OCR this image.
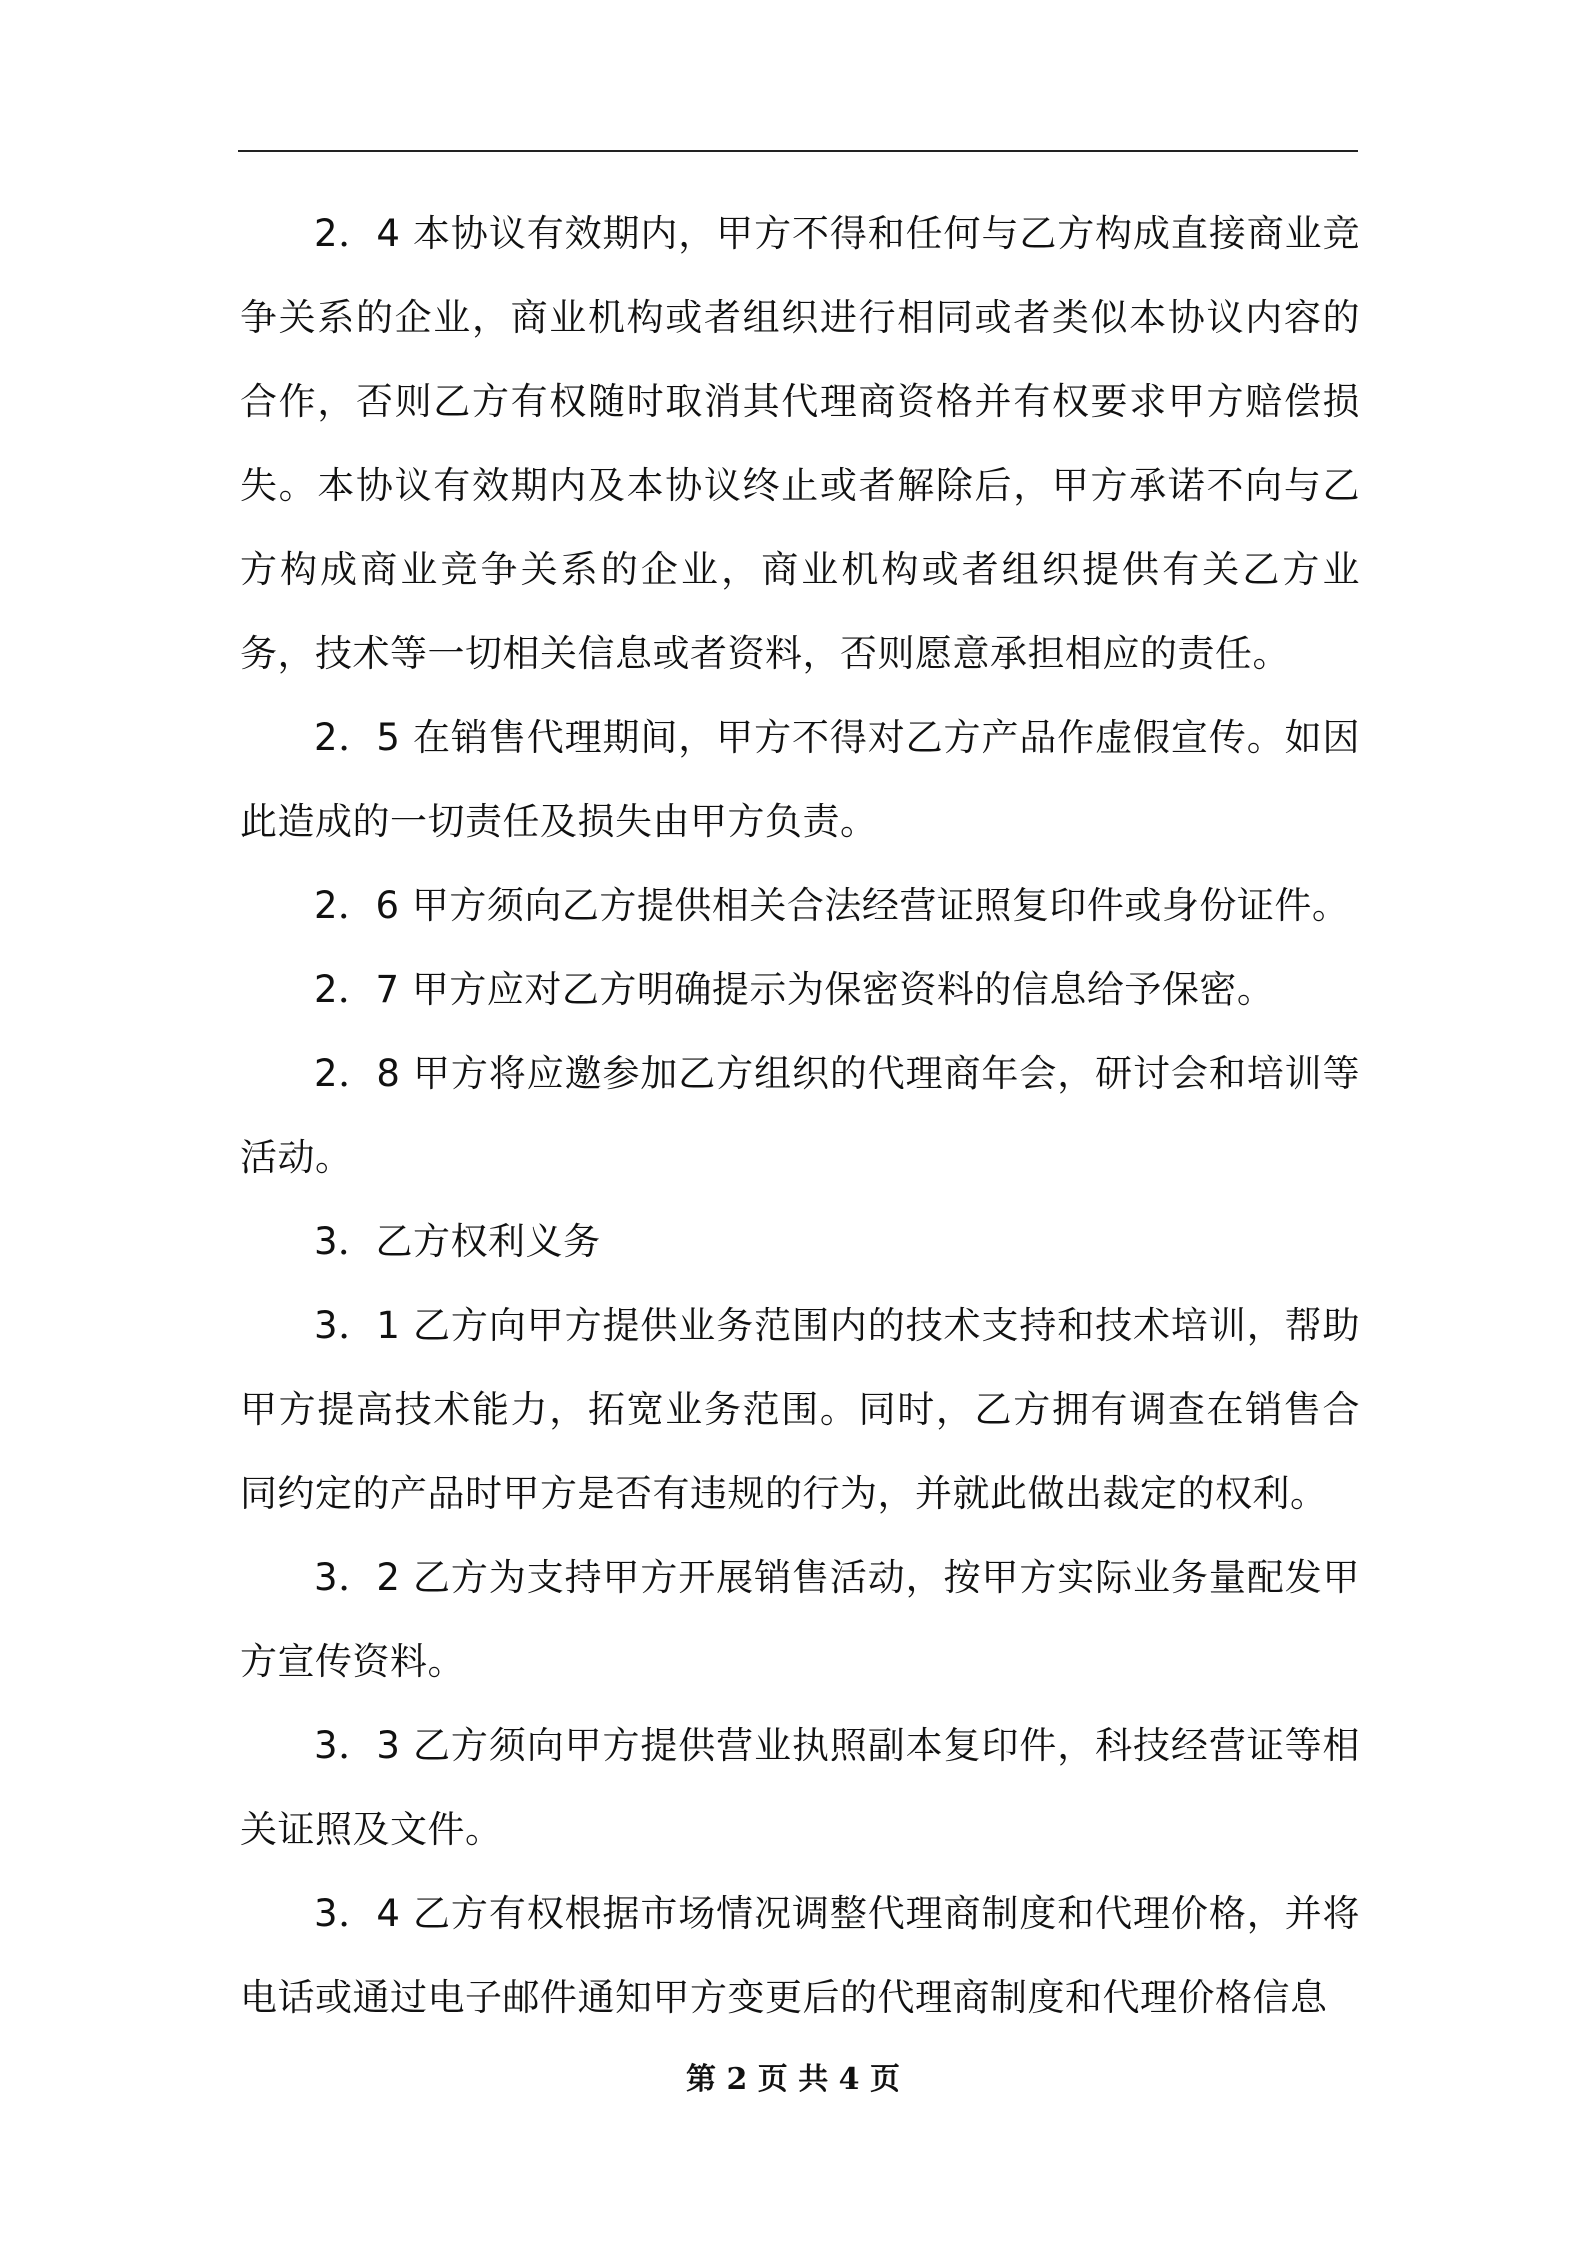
2．4 本协议有效期内，甲方不得和任何与乙方构成直接商业竞争关系的企业，商业机构或者组织进行相同或者类似本协议内容的合作，否则乙方有权随时取消其代理商资格并有权要求甲方赔偿损失。本协议有效期内及本协议终止或者解除后，甲方承诺不向与乙方构成商业竞争关系的企业，商业机构或者组织提供有关乙方业务，技术等一切相关信息或者资料，否则愿意承担相应的责任。

2．5 在销售代理期间，甲方不得对乙方产品作虚假宣传。如因此造成的一切责任及损失由甲方负责。

2．6 甲方须向乙方提供相关合法经营证照复印件或身份证件。

2．7 甲方应对乙方明确提示为保密资料的信息给予保密。

2．8 甲方将应邀参加乙方组织的代理商年会，研讨会和培训等活动。

3．乙方权利义务

3．1 乙方向甲方提供业务范围内的技术支持和技术培训，帮助甲方提高技术能力，拓宽业务范围。同时，乙方拥有调查在销售合同约定的产品时甲方是否有违规的行为，并就此做出裁定的权利。

3．2 乙方为支持甲方开展销售活动，按甲方实际业务量配发甲方宣传资料。

3．3 乙方须向甲方提供营业执照副本复印件，科技经营证等相关证照及文件。

3．4 乙方有权根据市场情况调整代理商制度和代理价格，并将电话或通过电子邮件通知甲方变更后的代理商制度和代理价格信息

第 2 页 共 4 页
